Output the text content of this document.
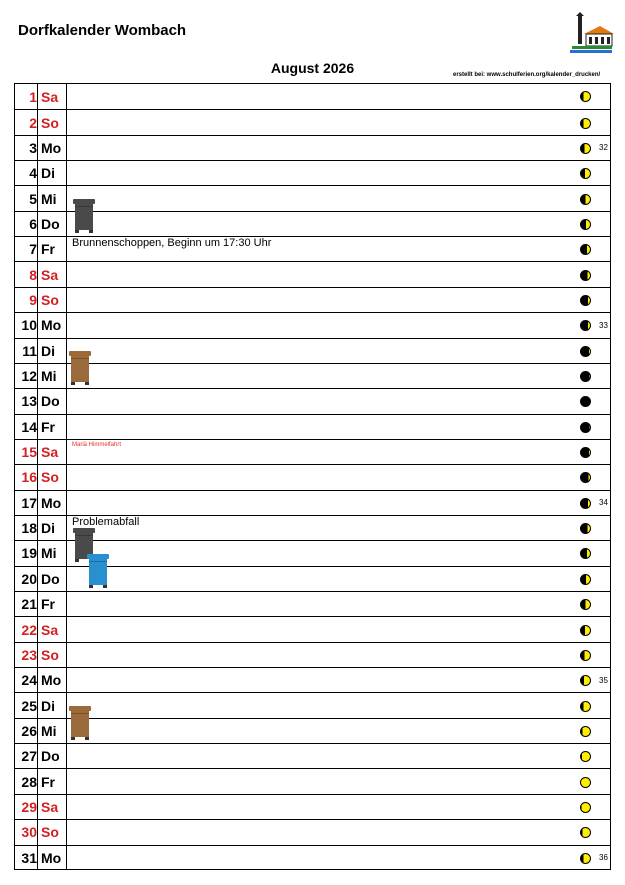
Dorfkalender Wombach
August 2026	erstellt bei: www.schulferien.org/kalender_drucken/
1 Sa
2 So
3 Mo	32
4 Di
5 Mi
6 Do
7 Fr Brunnenschoppen, Beginn um 17:30 Uhr
8 Sa
9 So
10 Mo	33
11 Di
12 Mi
13 Do
14 Fr
15 Sa Mariä Himmelfahrt
16 So
17 Mo	34
18 Di Problemabfall
19 Mi
20 Do
21 Fr
22 Sa
23 So
24 Mo	35
25 Di
26 Mi
27 Do
28 Fr
29 Sa
30 So
31 Mo	36
